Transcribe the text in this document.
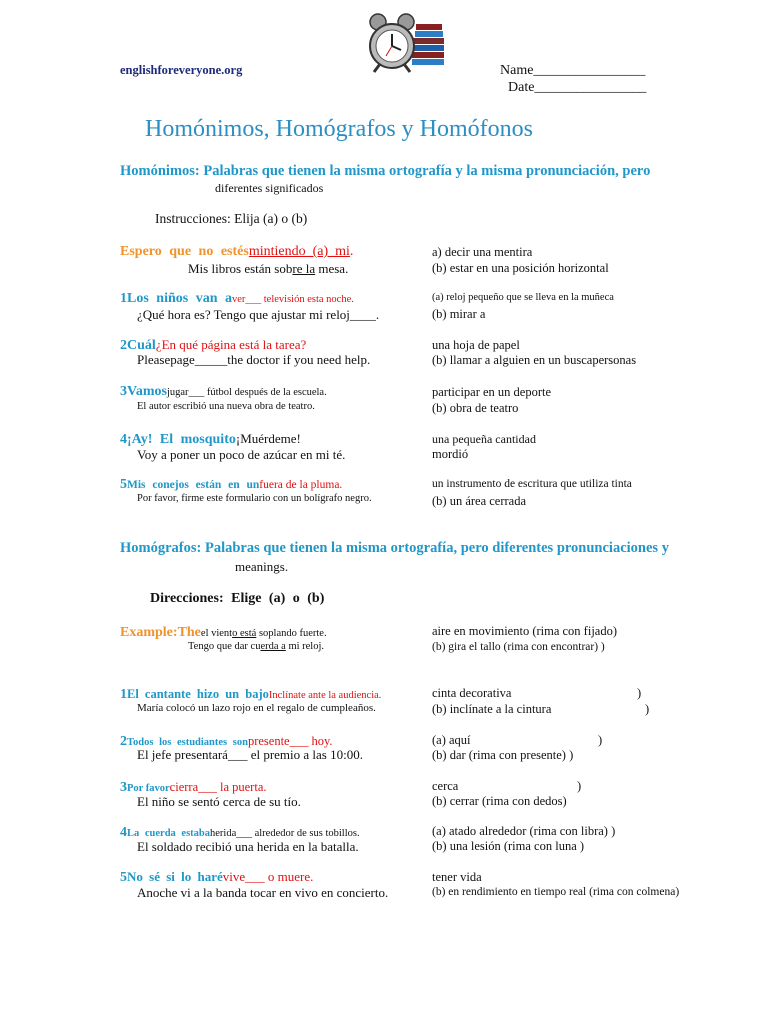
englishforeveryone.org	Name________________
Date________________
Homónimos, Homógrafos y Homófonos
Homónimos: Palabras que tienen la misma ortografía y la misma pronunciación, pero
diferentes significados
Instrucciones: Elija (a) o (b)
Espero que no estésmintiendo_(a)_mi.
Mis libros están sobre la mesa.
a) decir una mentira
(b) estar en una posición horizontal
1Los niños van aver___ televisión esta noche.
¿Qué hora es? Tengo que ajustar mi reloj____.
(a) reloj pequeño que se lleva en la muñeca
(b) mirar a
2Cuál¿En qué página está la tarea?
Pleasepage_____the doctor if you need help.
una hoja de papel
(b) llamar a alguien en un buscapersonas
3Vamosjugar___ fútbol después de la escuela.
El autor escribió una nueva obra de teatro.
participar en un deporte
(b) obra de teatro
4¡Ay! El mosquito¡Muérdeme!
Voy a poner un poco de azúcar en mi té.
una pequeña cantidad
mordió
5Mis conejos están en unfuera de la pluma.
Por favor, firme este formulario con un bolígrafo negro.
un instrumento de escritura que utiliza tinta
(b) un área cerrada
Homógrafos: Palabras que tienen la misma ortografía, pero diferentes pronunciaciones y
meanings.
Direcciones: Elige (a) o (b)
Example:Theel viento está soplando fuerte.
Tengo que dar cuerda a mi reloj.
aire en movimiento (rima con fijado)
(b) gira el tallo (rima con encontrar) )
1El cantante hizo un bajoInclínate ante la audiencia.
María colocó un lazo rojo en el regalo de cumpleaños.
cinta decorativa	)
(b) inclínate a la cintura	)
2Todos los estudiantes sonpresente___ hoy.
El jefe presentará___ el premio a las 10:00.
(a) aquí	)
(b) dar (rima con presente) )
3Por favorcierra___ la puerta.
El niño se sentó cerca de su tío.
cerca	)
(b) cerrar (rima con dedos)
4La cuerda estabaherida___ alrededor de sus tobillos.
El soldado recibió una herida en la batalla.
(a) atado alrededor (rima con libra) )
(b) una lesión (rima con luna )
5No sé si lo harévive___ o muere.
Anoche vi a la banda tocar en vivo en concierto.
tener vida
(b) en rendimiento en tiempo real (rima con colmena)
